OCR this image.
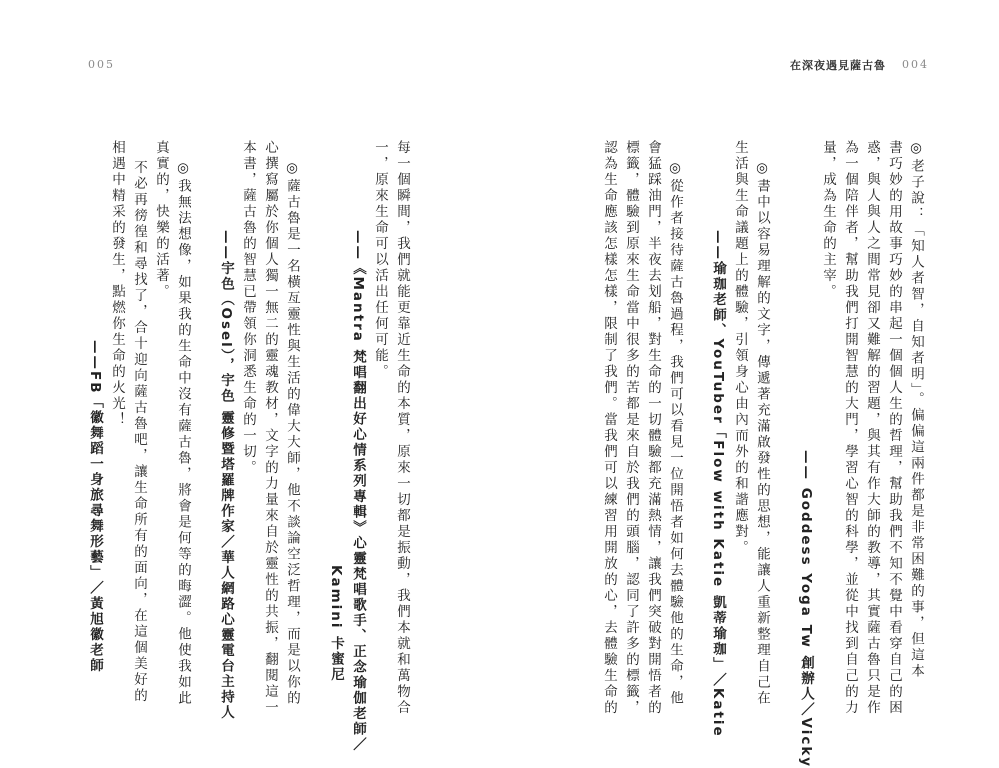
005	在深夜遇見薩古魯 004
◎老子說：「知人者智，自知者明」。偏偏這兩件都是非常困難的事，但這本
書巧妙的用故事巧妙的串起一個個人生的哲理，幫助我們不知不覺中看穿自己的困
惑，與人與人之間常見卻又難解的習題，與其有作大師的教導，其實薩古魯只是作
為一個陪伴者，幫助我們打開智慧的大門，學習心智的科學，並從中找到自己的力
量，成為生命的主宰。
—— Goddess Yoga Tw 創辦人／Vicky
◎書中以容易理解的文字，傳遞著充滿啟發性的思想，能讓人重新整理自己在
生活與生命議題上的體驗，引領身心由內而外的和諧應對。
——瑜珈老師、YouTuber「Flow with Katie 凱蒂瑜珈」／Katie
◎從作者接待薩古魯過程，我們可以看見一位開悟者如何去體驗他的生命，他
會猛踩油門，半夜去划船，對生命的一切體驗都充滿熱情，讓我們突破對開悟者的
標籤，體驗到原來生命當中很多的苦都是來自於我們的頭腦，認同了許多的標籤，
認為生命應該怎樣怎樣，限制了我們。當我們可以練習用開放的心，去體驗生命的
每一個瞬間，我們就能更靠近生命的本質，原來一切都是振動，我們本就和萬物合
一，原來生命可以活出任何可能。
——《Mantra 梵唱翻出好心情系列專輯》心靈梵唱歌手、正念瑜伽老師／
Kamini 卡蜜尼
◎薩古魯是一名橫亙靈性與生活的偉大大師，他不談論空泛哲理，而是以你的
心撰寫屬於你個人獨一無二的靈魂教材，文字的力量來自於靈性的共振，翻閱這一
本書，薩古魯的智慧已帶領你洞悉生命的一切。
——宇色（Osel），宇色 靈修暨塔羅牌作家／華人網路心靈電台主持人
◎我無法想像，如果我的生命中沒有薩古魯，將會是何等的晦澀。他使我如此
真實的，快樂的活著。
不必再徬徨和尋找了，合十迎向薩古魯吧，讓生命所有的面向，在這個美好的
相遇中精采的發生，點燃你生命的火光！
——FB「徽舞蹈一身旅尋舞形藝」／黃旭徽老師
